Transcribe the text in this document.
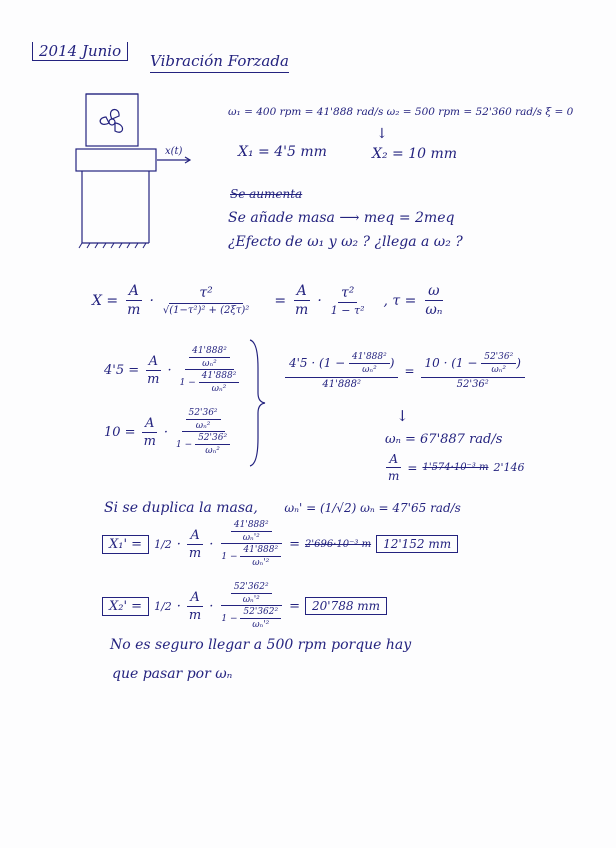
2014 Junio
Vibración Forzada
x(t)
ω₁ = 400 rpm = 41'888 rad/s ω₂ = 500 rpm = 52'360 rad/s ξ = 0
X₁ = 4'5 mm
↓
X₂ = 10 mm
Se aumenta
Se añade masa ⟶ meq = 2meq
¿Efecto de ω₁ y ω₂ ? ¿llega a ω₂ ?
$X = \frac{A}{m} \cdot \frac{\text{τ²}}{\text{√(1−τ²)² + (2ξτ)²}} = \frac{A}{m} \cdot \frac{\text{τ²}}{\text{1 − τ²}}$ , $\tau = \frac{\omega}{\text{ωₙ}}$
$4'5 = \frac{A}{m} \cdot \frac{\frac{\text{41'888²}}{\text{ωₙ²}}}{1 - \frac{\text{41'888²}}{\text{ωₙ²}}}$
$10 = \frac{A}{m} \cdot \frac{\frac{\text{52'36²}}{\text{ωₙ²}}}{1 - \frac{\text{52'36²}}{\text{ωₙ²}}}$
$\frac{4'5 \cdot (1 - \frac{\text{41'888²}}{\text{ωₙ²}} )}{\text{41'888²}} = \frac{10 \cdot (1 - \frac{\text{52'36²}}{\text{ωₙ²}} )}{\text{52'36²}}$
↓
ωₙ = 67'887 rad/s
$\frac{A}{m} = 1'574\cdot 10^{-3}$ m 2'146
Si se duplica la masa, ωₙ' = (1/√2) ωₙ = 47'65 rad/s
X₁' =	$1/2 \cdot \frac{A}{m} \cdot \frac{\frac{\text{41'888²}}{\text{ωₙ'²}}}{1 - \frac{\text{41'888²}}{\text{ωₙ'²}}} = 2'696\cdot 10^{-3}$ m	12'152 mm
X₂' =	$1/2 \cdot \frac{A}{m} \cdot \frac{\frac{\text{52'362²}}{\text{ωₙ'²}}}{1 - \frac{\text{52'362²}}{\text{ωₙ'²}}}$ =	20'788 mm
No es seguro llegar a 500 rpm porque hay
que pasar por ωₙ
